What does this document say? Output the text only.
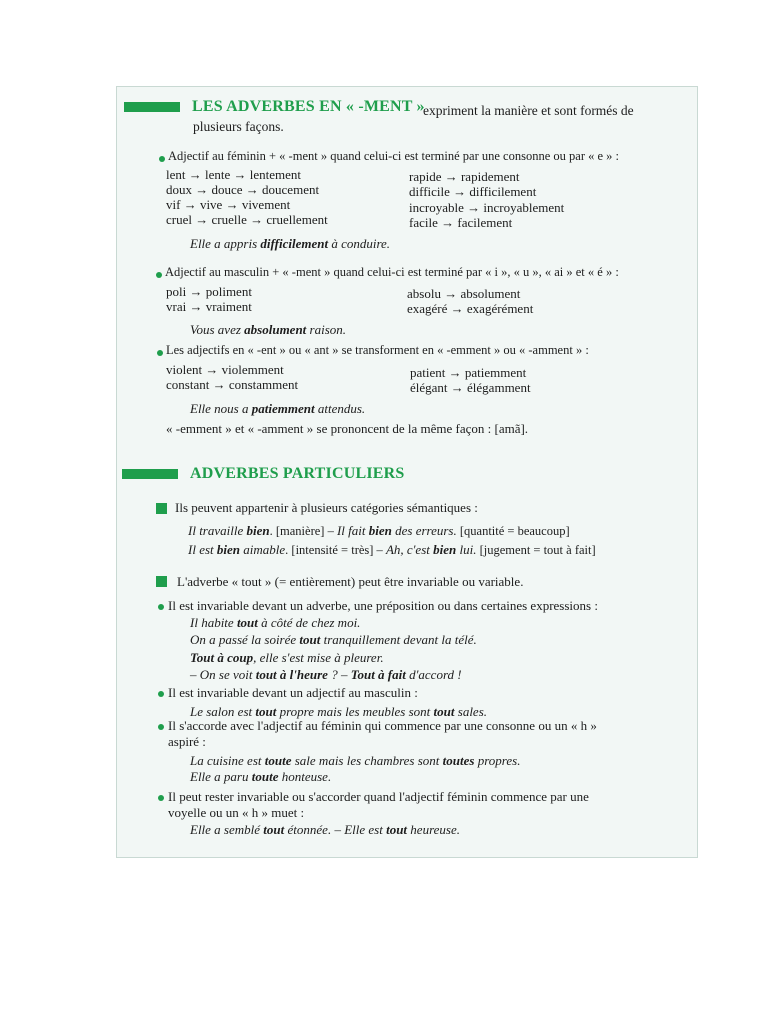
LES ADVERBES EN « -MENT »
expriment la manière et sont formés de
plusieurs façons.
Adjectif au féminin + « -ment » quand celui-ci est terminé par une consonne ou par « e » :
lent → lente → lentement
doux → douce → doucement
vif → vive → vivement
cruel → cruelle → cruellement
rapide → rapidement
difficile → difficilement
incroyable → incroyablement
facile → facilement
Elle a appris difficilement à conduire.
Adjectif au masculin + « -ment » quand celui-ci est terminé par « i », « u », « ai » et « é » :
poli → poliment
vrai → vraiment
absolu → absolument
exagéré → exagérément
Vous avez absolument raison.
Les adjectifs en « -ent » ou « ant » se transforment en « -emment » ou « -amment » :
violent → violemment
constant → constamment
patient → patiemment
élégant → élégamment
Elle nous a patiemment attendus.
« -emment » et « -amment » se prononcent de la même façon : [amã].
ADVERBES PARTICULIERS
Ils peuvent appartenir à plusieurs catégories sémantiques :
Il travaille bien. [manière] – Il fait bien des erreurs. [quantité = beaucoup]
Il est bien aimable. [intensité = très] – Ah, c'est bien lui. [jugement = tout à fait]
L'adverbe « tout » (= entièrement) peut être invariable ou variable.
Il est invariable devant un adverbe, une préposition ou dans certaines expressions :
Il habite tout à côté de chez moi.
On a passé la soirée tout tranquillement devant la télé.
Tout à coup, elle s'est mise à pleurer.
– On se voit tout à l'heure ? – Tout à fait d'accord !
Il est invariable devant un adjectif au masculin :
Le salon est tout propre mais les meubles sont tout sales.
Il s'accorde avec l'adjectif au féminin qui commence par une consonne ou un « h »
aspiré :
La cuisine est toute sale mais les chambres sont toutes propres.
Elle a paru toute honteuse.
Il peut rester invariable ou s'accorder quand l'adjectif féminin commence par une
voyelle ou un « h » muet :
Elle a semblé tout étonnée. – Elle est tout heureuse.
